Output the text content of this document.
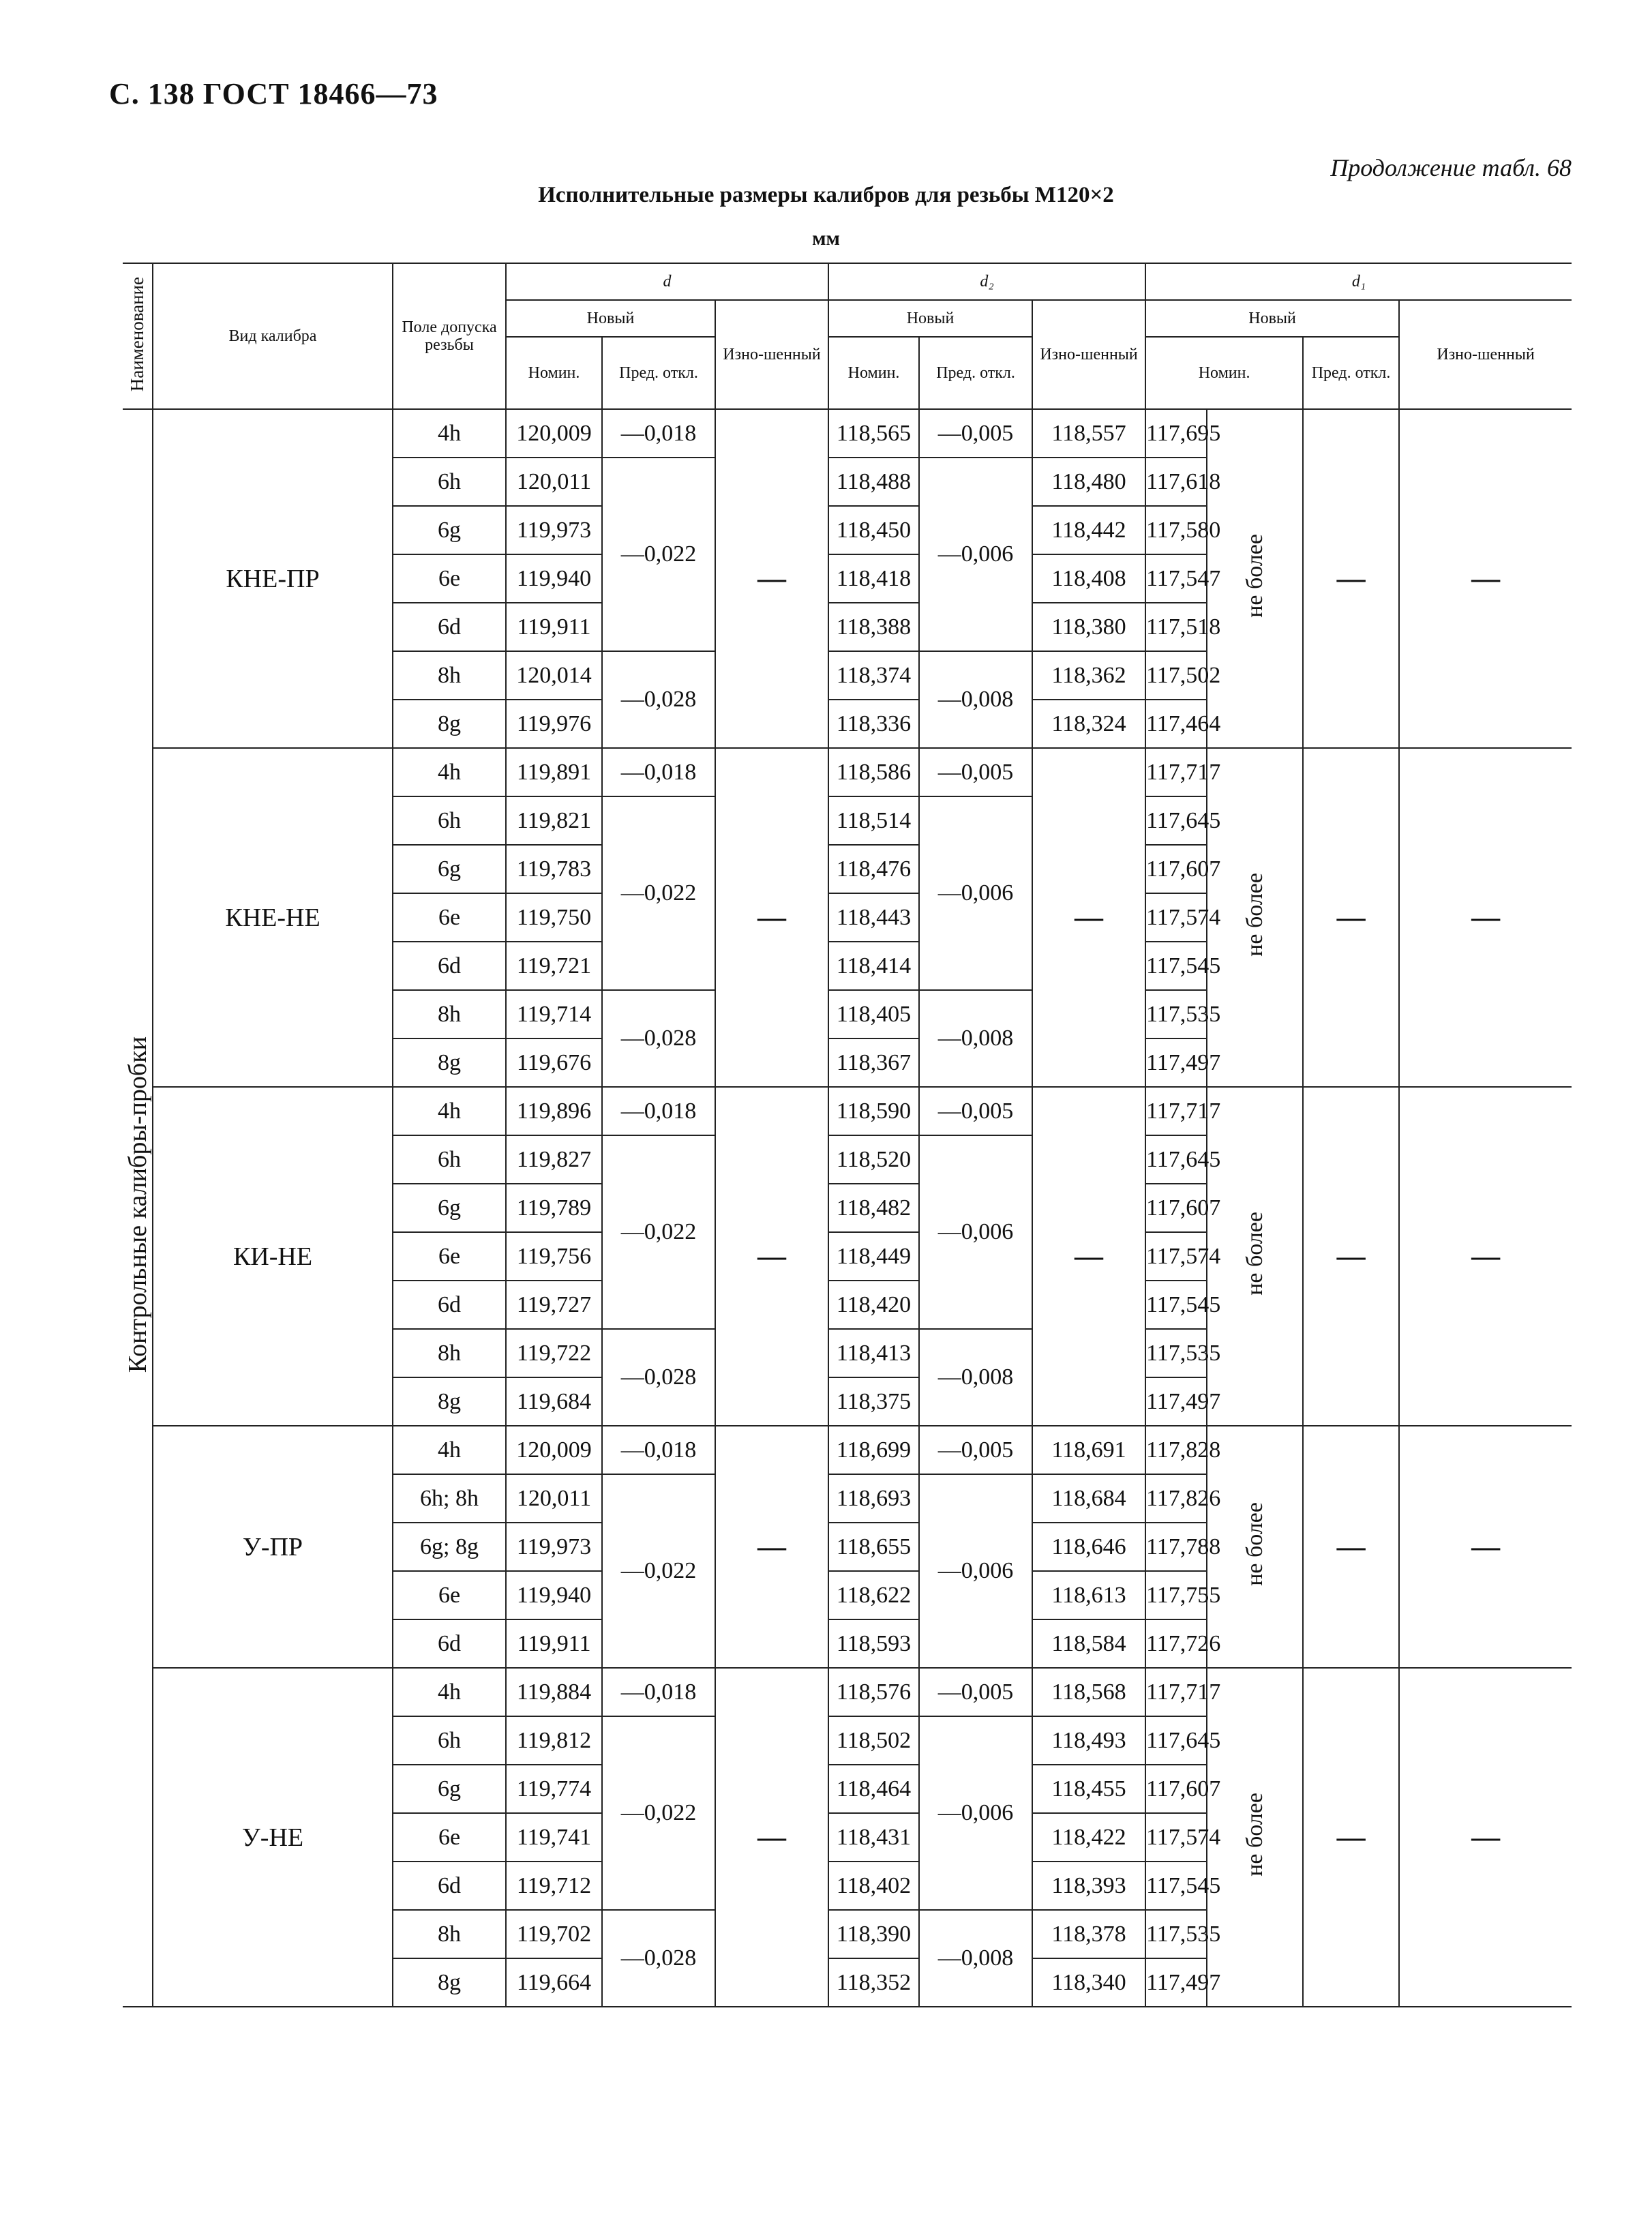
С. 138 ГОСТ 18466—73
Продолжение табл. 68
Исполнительные размеры калибров для резьбы М120×2
мм
Наименование	Вид калибра	Поле допуска резьбы	d			d₂			d₁			
			Новый		Изно-шенный	Новый		Изно-шенный	Новый			Изно-шенный
			Номин.	Пред. откл.		Номин.	Пред. откл.		Номин.		Пред. откл.	
Контрольные калибры-пробки	КНЕ-ПР	4h	120,009	—0,018	—	118,565	—0,005	118,557	117,695	не более	—	—
		6h	120,011	—0,022		118,488	—0,006	118,480	117,618			
		6g	119,973			118,450		118,442	117,580			
		6e	119,940			118,418		118,408	117,547			
		6d	119,911			118,388		118,380	117,518			
		8h	120,014	—0,028		118,374	—0,008	118,362	117,502			
		8g	119,976			118,336		118,324	117,464			
	КНЕ-НЕ	4h	119,891	—0,018	—	118,586	—0,005	—	117,717	не более	—	—
		6h	119,821	—0,022		118,514	—0,006		117,645			
		6g	119,783			118,476			117,607			
		6e	119,750			118,443			117,574			
		6d	119,721			118,414			117,545			
		8h	119,714	—0,028		118,405	—0,008		117,535			
		8g	119,676			118,367			117,497			
	КИ-НЕ	4h	119,896	—0,018	—	118,590	—0,005	—	117,717	не более	—	—
		6h	119,827	—0,022		118,520	—0,006		117,645			
		6g	119,789			118,482			117,607			
		6e	119,756			118,449			117,574			
		6d	119,727			118,420			117,545			
		8h	119,722	—0,028		118,413	—0,008		117,535			
		8g	119,684			118,375			117,497			
	У-ПР	4h	120,009	—0,018	—	118,699	—0,005	118,691	117,828	не более	—	—
		6h; 8h	120,011	—0,022		118,693	—0,006	118,684	117,826			
		6g; 8g	119,973			118,655		118,646	117,788			
		6e	119,940			118,622		118,613	117,755			
		6d	119,911			118,593		118,584	117,726			
	У-НЕ	4h	119,884	—0,018	—	118,576	—0,005	118,568	117,717	не более	—	—
		6h	119,812	—0,022		118,502	—0,006	118,493	117,645			
		6g	119,774			118,464		118,455	117,607			
		6e	119,741			118,431		118,422	117,574			
		6d	119,712			118,402		118,393	117,545			
		8h	119,702	—0,028		118,390	—0,008	118,378	117,535			
		8g	119,664			118,352		118,340	117,497			
